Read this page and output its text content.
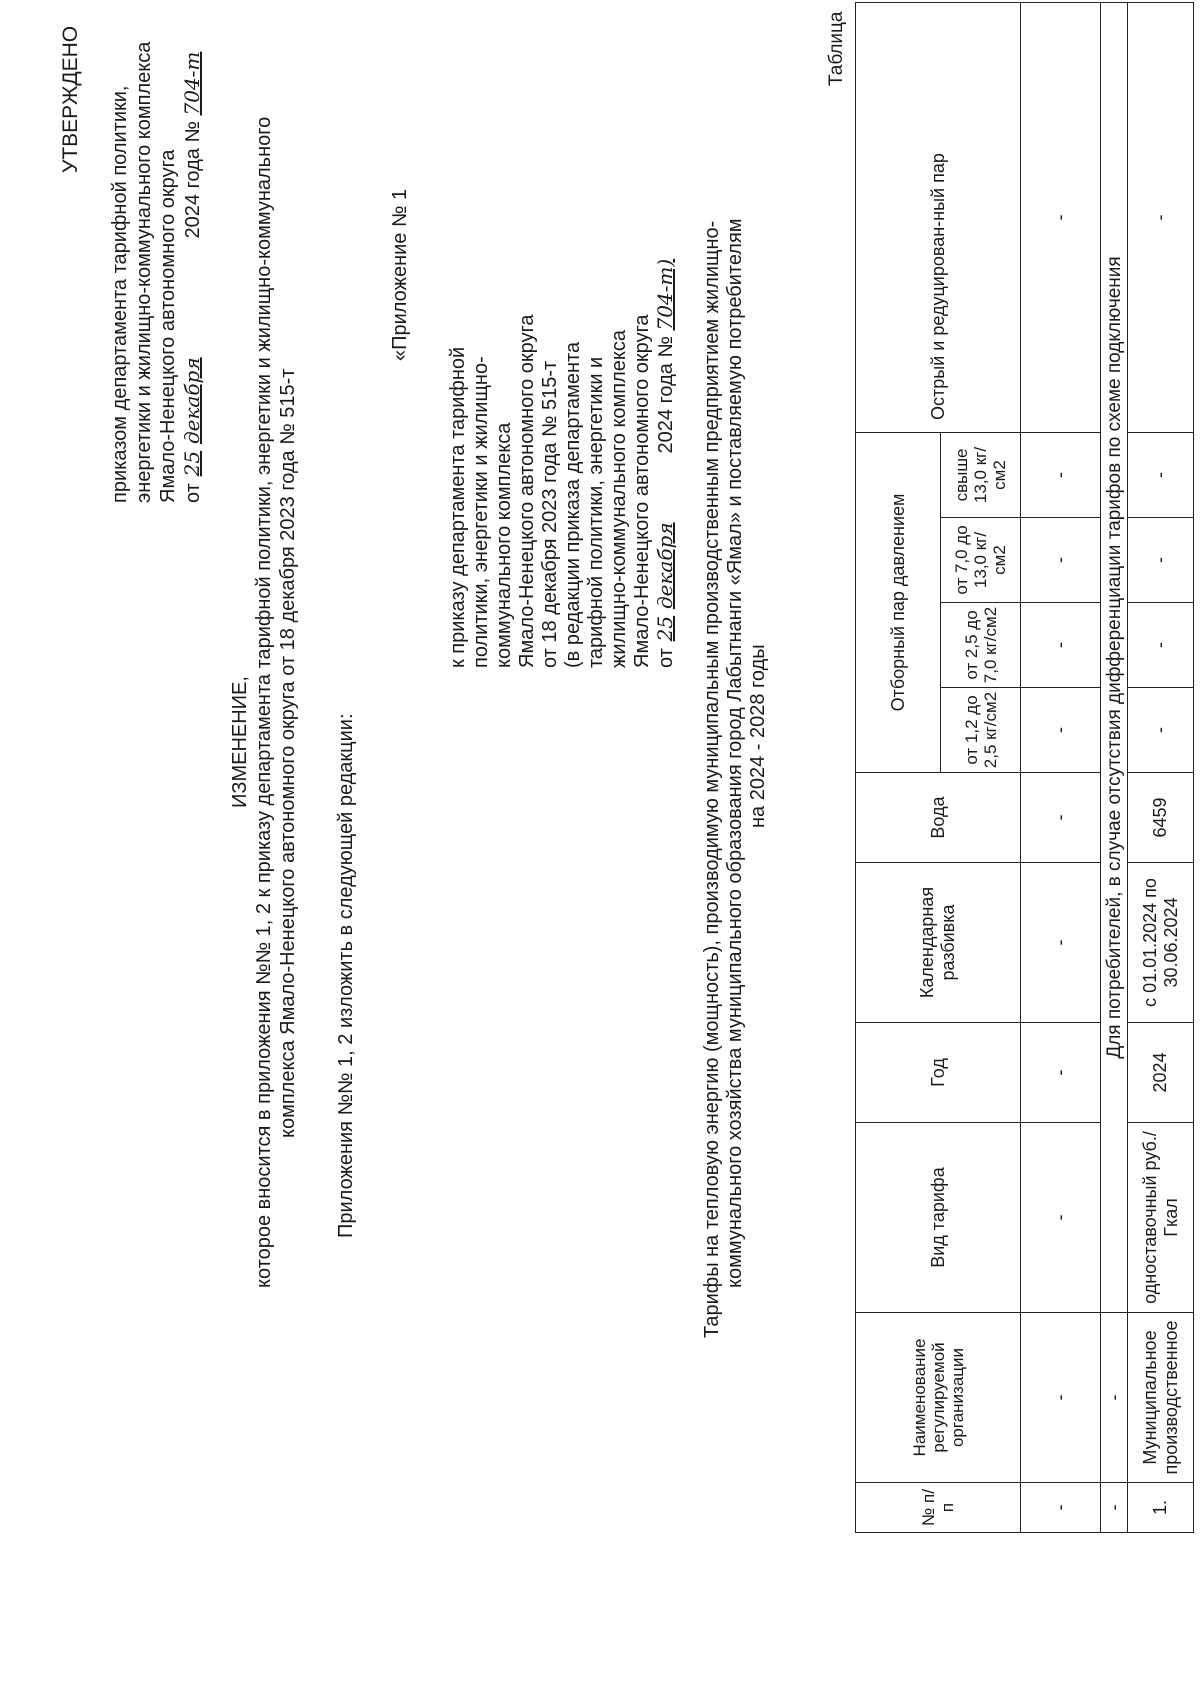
УТВЕРЖДЕНО приказом департамента тарифной политики, энергетики и жилищно-коммунального комплекса Ямало-Ненецкого автономного округа от 25 декабря 2024 года № 704-т
ИЗМЕНЕНИЕ, которое вносится в приложения №№ 1, 2 к приказу департамента тарифной политики, энергетики и жилищно-коммунального комплекса Ямало-Ненецкого автономного округа от 18 декабря 2023 года № 515-т Приложения №№ 1, 2 изложить в следующей редакции:
«Приложение № 1
к приказу департамента тарифной политики, энергетики и жилищно- коммунального комплекса Ямало-Ненецкого автономного округа от 18 декабря 2023 года № 515-т (в редакции приказа департамента тарифной политики, энергетики и жилищно-коммунального комплекса Ямало-Ненецкого автономного округа от 25 декабря 2024 года № 704-т) Тарифы на тепловую энергию (мощность), производимую муниципальным производственным предприятием жилищно- коммунального хозяйства муниципального образования город Лабытнанги «Ямал» и поставляемую потребителям на 2024 - 2028 годы
Таблица
№ п/п	Наименование регулируемой организации	Вид тарифа	Год	Календарная разбивка	Вода	Отборный пар давлением				Острый и редуцирован-ный пар
						от 1,2 до 2,5 кг/см2	от 2,5 до 7,0 кг/см2	от 7,0 до 13,0 кг/см2	свыше 13,0 кг/см2	
-	-	-	-	-	-	-	-	-	-	-
-	-	Для потребителей, в случае отсутствия дифференциации тарифов по схеме подключения								
1.	Муниципальное производственное	одноставочный руб./Гкал	2024	с 01.01.2024 по 30.06.2024	6459	-	-	-	-	-
